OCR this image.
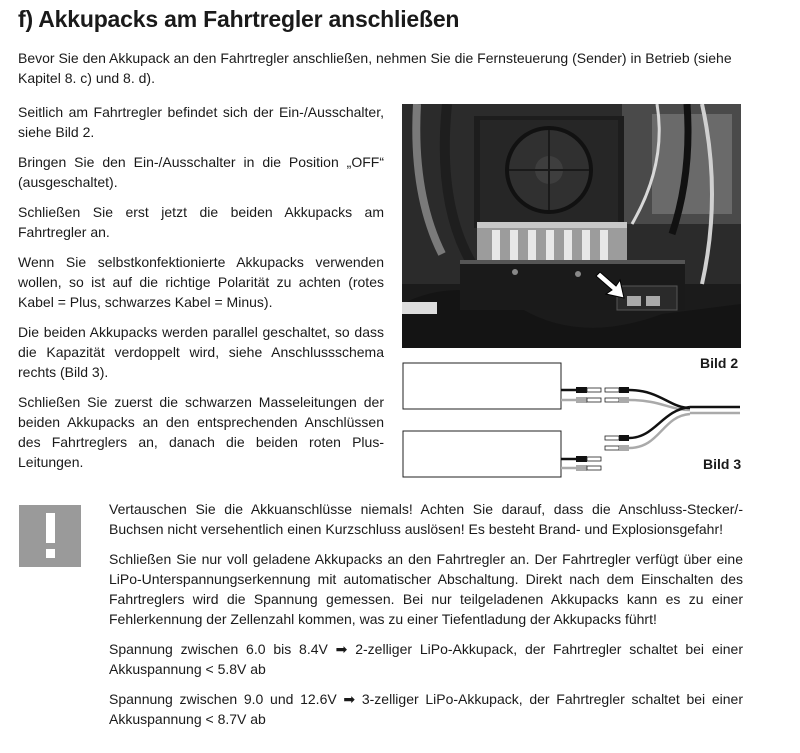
f) Akkupacks am Fahrtregler anschließen

Bevor Sie den Akkupack an den Fahrtregler anschließen, nehmen Sie die Fernsteuerung (Sender) in Betrieb (siehe Kapitel 8. c) und 8. d).

Seitlich am Fahrtregler befindet sich der Ein-/Ausschalter, siehe Bild 2.

Bringen Sie den Ein-/Ausschalter in die Position „OFF“ (ausgeschaltet).

Schließen Sie erst jetzt die beiden Akkupacks am Fahrtregler an.

Wenn Sie selbstkonfektionierte Akkupacks verwenden wollen, so ist auf die richtige Polarität zu achten (rotes Kabel = Plus, schwarzes Kabel = Minus).

Die beiden Akkupacks werden parallel geschaltet, so dass die Kapazität verdoppelt wird, siehe Anschlussschema rechts (Bild 3).

Schließen Sie zuerst die schwarzen Masseleitungen der beiden Akkupacks an den entsprechenden Anschlüssen des Fahrtreglers an, danach die beiden roten Plus-Leitungen.

Bild 2
Bild 3

Vertauschen Sie die Akkuanschlüsse niemals! Achten Sie darauf, dass die Anschluss-Stecker/-Buchsen nicht versehentlich einen Kurzschluss auslösen! Es besteht Brand- und Explosionsgefahr!

Schließen Sie nur voll geladene Akkupacks an den Fahrtregler an. Der Fahrtregler verfügt über eine LiPo-Unterspannungserkennung mit automatischer Abschaltung. Direkt nach dem Einschalten des Fahrtreglers wird die Spannung gemessen. Bei nur teilgeladenen Akkupacks kann es zu einer Fehlerkennung der Zellenzahl kommen, was zu einer Tiefentladung der Akkupacks führt!

Spannung zwischen 6.0 bis 8.4V ➡ 2-zelliger LiPo-Akkupack, der Fahrtregler schaltet bei einer Akkuspannung < 5.8V ab

Spannung zwischen 9.0 und 12.6V ➡ 3-zelliger LiPo-Akkupack, der Fahrtregler schaltet bei einer Akkuspannung < 8.7V ab
